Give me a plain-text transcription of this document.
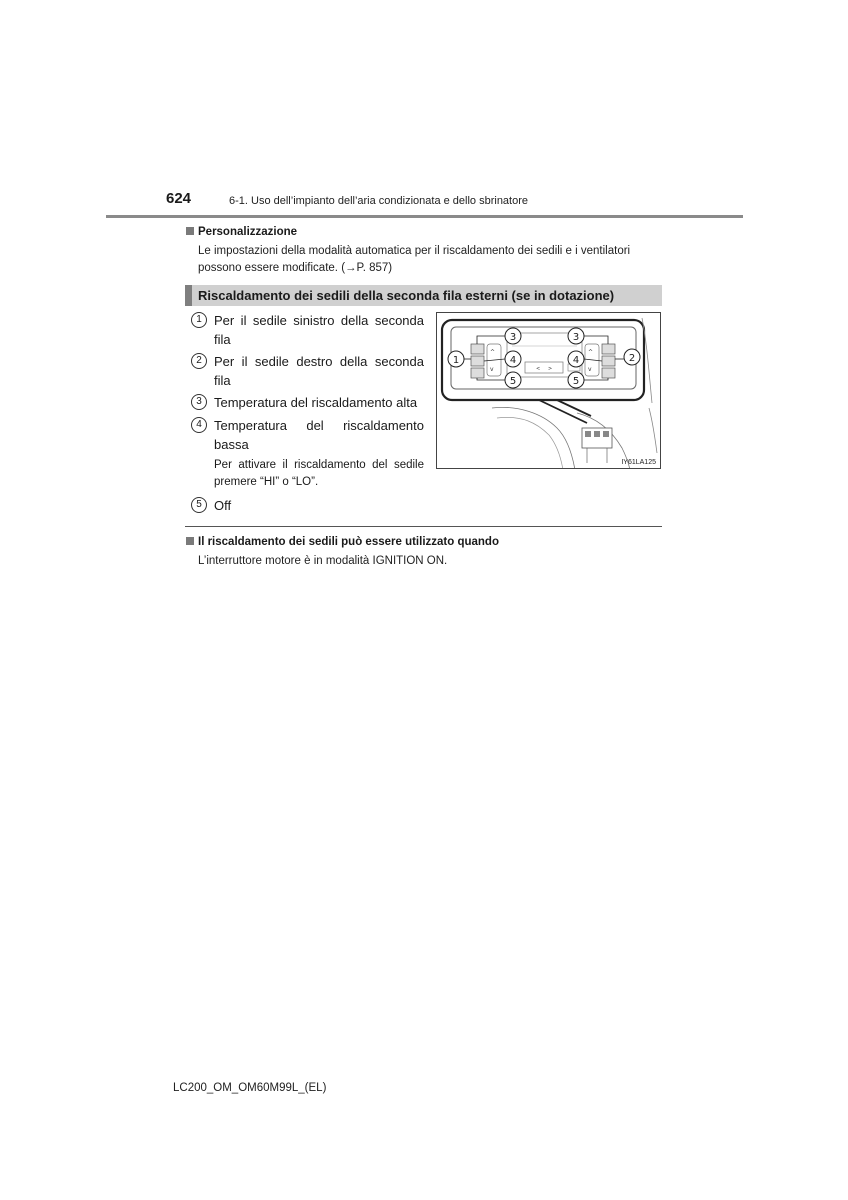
624	6-1. Uso dell’impianto dell’aria condizionata e dello sbrinatore
Personalizzazione
Le impostazioni della modalità automatica per il riscaldamento dei sedili e i ventilatori
possono essere modificate. (→P. 857)
Riscaldamento dei sedili della seconda fila esterni (se in dotazione)
1 Per il sedile sinistro della seconda fila
2 Per il sedile destro della seconda fila
3 Temperatura del riscaldamento alta
4 Temperatura del riscaldamento bassa
Per attivare il riscaldamento del sedile premere “HI” o “LO”.
5 Off
< >
^
v
^
v
1	2
3	3
4	4
5	5
IY61LA125
Il riscaldamento dei sedili può essere utilizzato quando
L’interruttore motore è in modalità IGNITION ON.
LC200_OM_OM60M99L_(EL)
